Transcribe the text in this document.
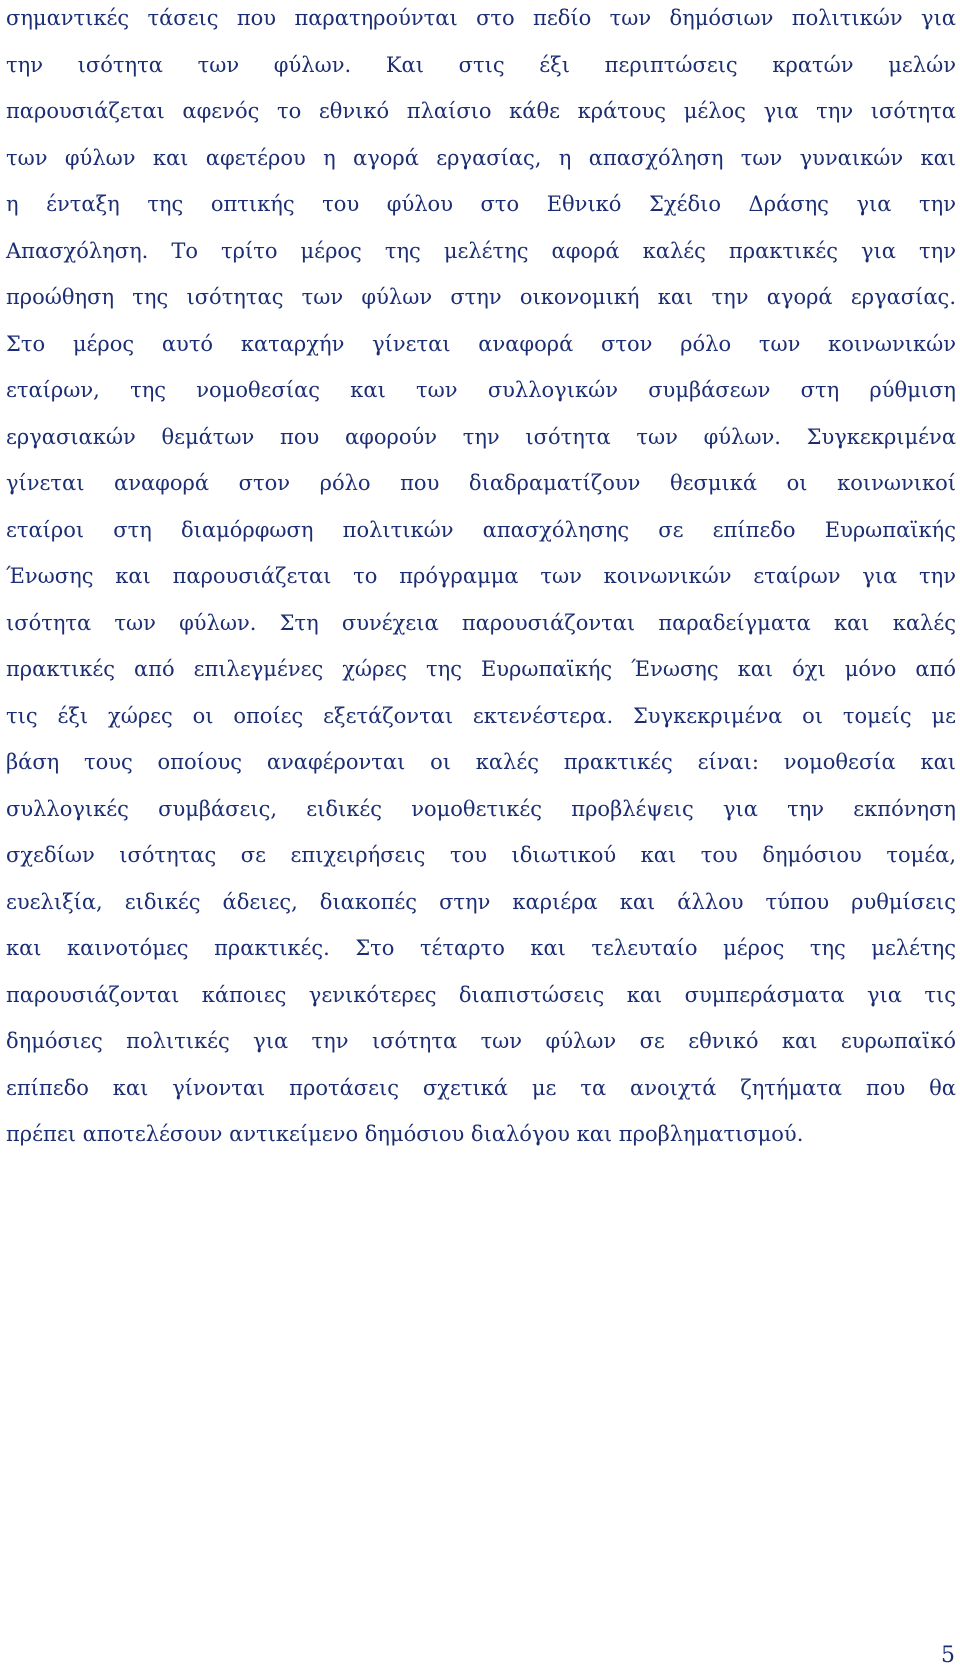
σημαντικές τάσεις που παρατηρούνται στο πεδίο των δημόσιων πολιτικών για
την ισότητα των φύλων. Και στις έξι περιπτώσεις κρατών μελών
παρουσιάζεται αφενός το εθνικό πλαίσιο κάθε κράτους μέλος για την ισότητα
των φύλων και αφετέρου η αγορά εργασίας, η απασχόληση των γυναικών και
η ένταξη της οπτικής του φύλου στο Εθνικό Σχέδιο Δράσης για την
Απασχόληση. Το τρίτο μέρος της μελέτης αφορά καλές πρακτικές για την
προώθηση της ισότητας των φύλων στην οικονομική και την αγορά εργασίας.
Στο μέρος αυτό καταρχήν γίνεται αναφορά στον ρόλο των κοινωνικών
εταίρων, της νομοθεσίας και των συλλογικών συμβάσεων στη ρύθμιση
εργασιακών θεμάτων που αφορούν την ισότητα των φύλων. Συγκεκριμένα
γίνεται αναφορά στον ρόλο που διαδραματίζουν θεσμικά οι κοινωνικοί
εταίροι στη διαμόρφωση πολιτικών απασχόλησης σε επίπεδο Ευρωπαϊκής
Ένωσης και παρουσιάζεται το πρόγραμμα των κοινωνικών εταίρων για την
ισότητα των φύλων. Στη συνέχεια παρουσιάζονται παραδείγματα και καλές
πρακτικές από επιλεγμένες χώρες της Ευρωπαϊκής Ένωσης και όχι μόνο από
τις έξι χώρες οι οποίες εξετάζονται εκτενέστερα. Συγκεκριμένα οι τομείς με
βάση τους οποίους αναφέρονται οι καλές πρακτικές είναι: νομοθεσία και
συλλογικές συμβάσεις, ειδικές νομοθετικές προβλέψεις για την εκπόνηση
σχεδίων ισότητας σε επιχειρήσεις του ιδιωτικού και του δημόσιου τομέα,
ευελιξία, ειδικές άδειες, διακοπές στην καριέρα και άλλου τύπου ρυθμίσεις
και καινοτόμες πρακτικές. Στο τέταρτο και τελευταίο μέρος της μελέτης
παρουσιάζονται κάποιες γενικότερες διαπιστώσεις και συμπεράσματα για τις
δημόσιες πολιτικές για την ισότητα των φύλων σε εθνικό και ευρωπαϊκό
επίπεδο και γίνονται προτάσεις σχετικά με τα ανοιχτά ζητήματα που θα
πρέπει αποτελέσουν αντικείμενο δημόσιου διαλόγου και προβληματισμού.
5
